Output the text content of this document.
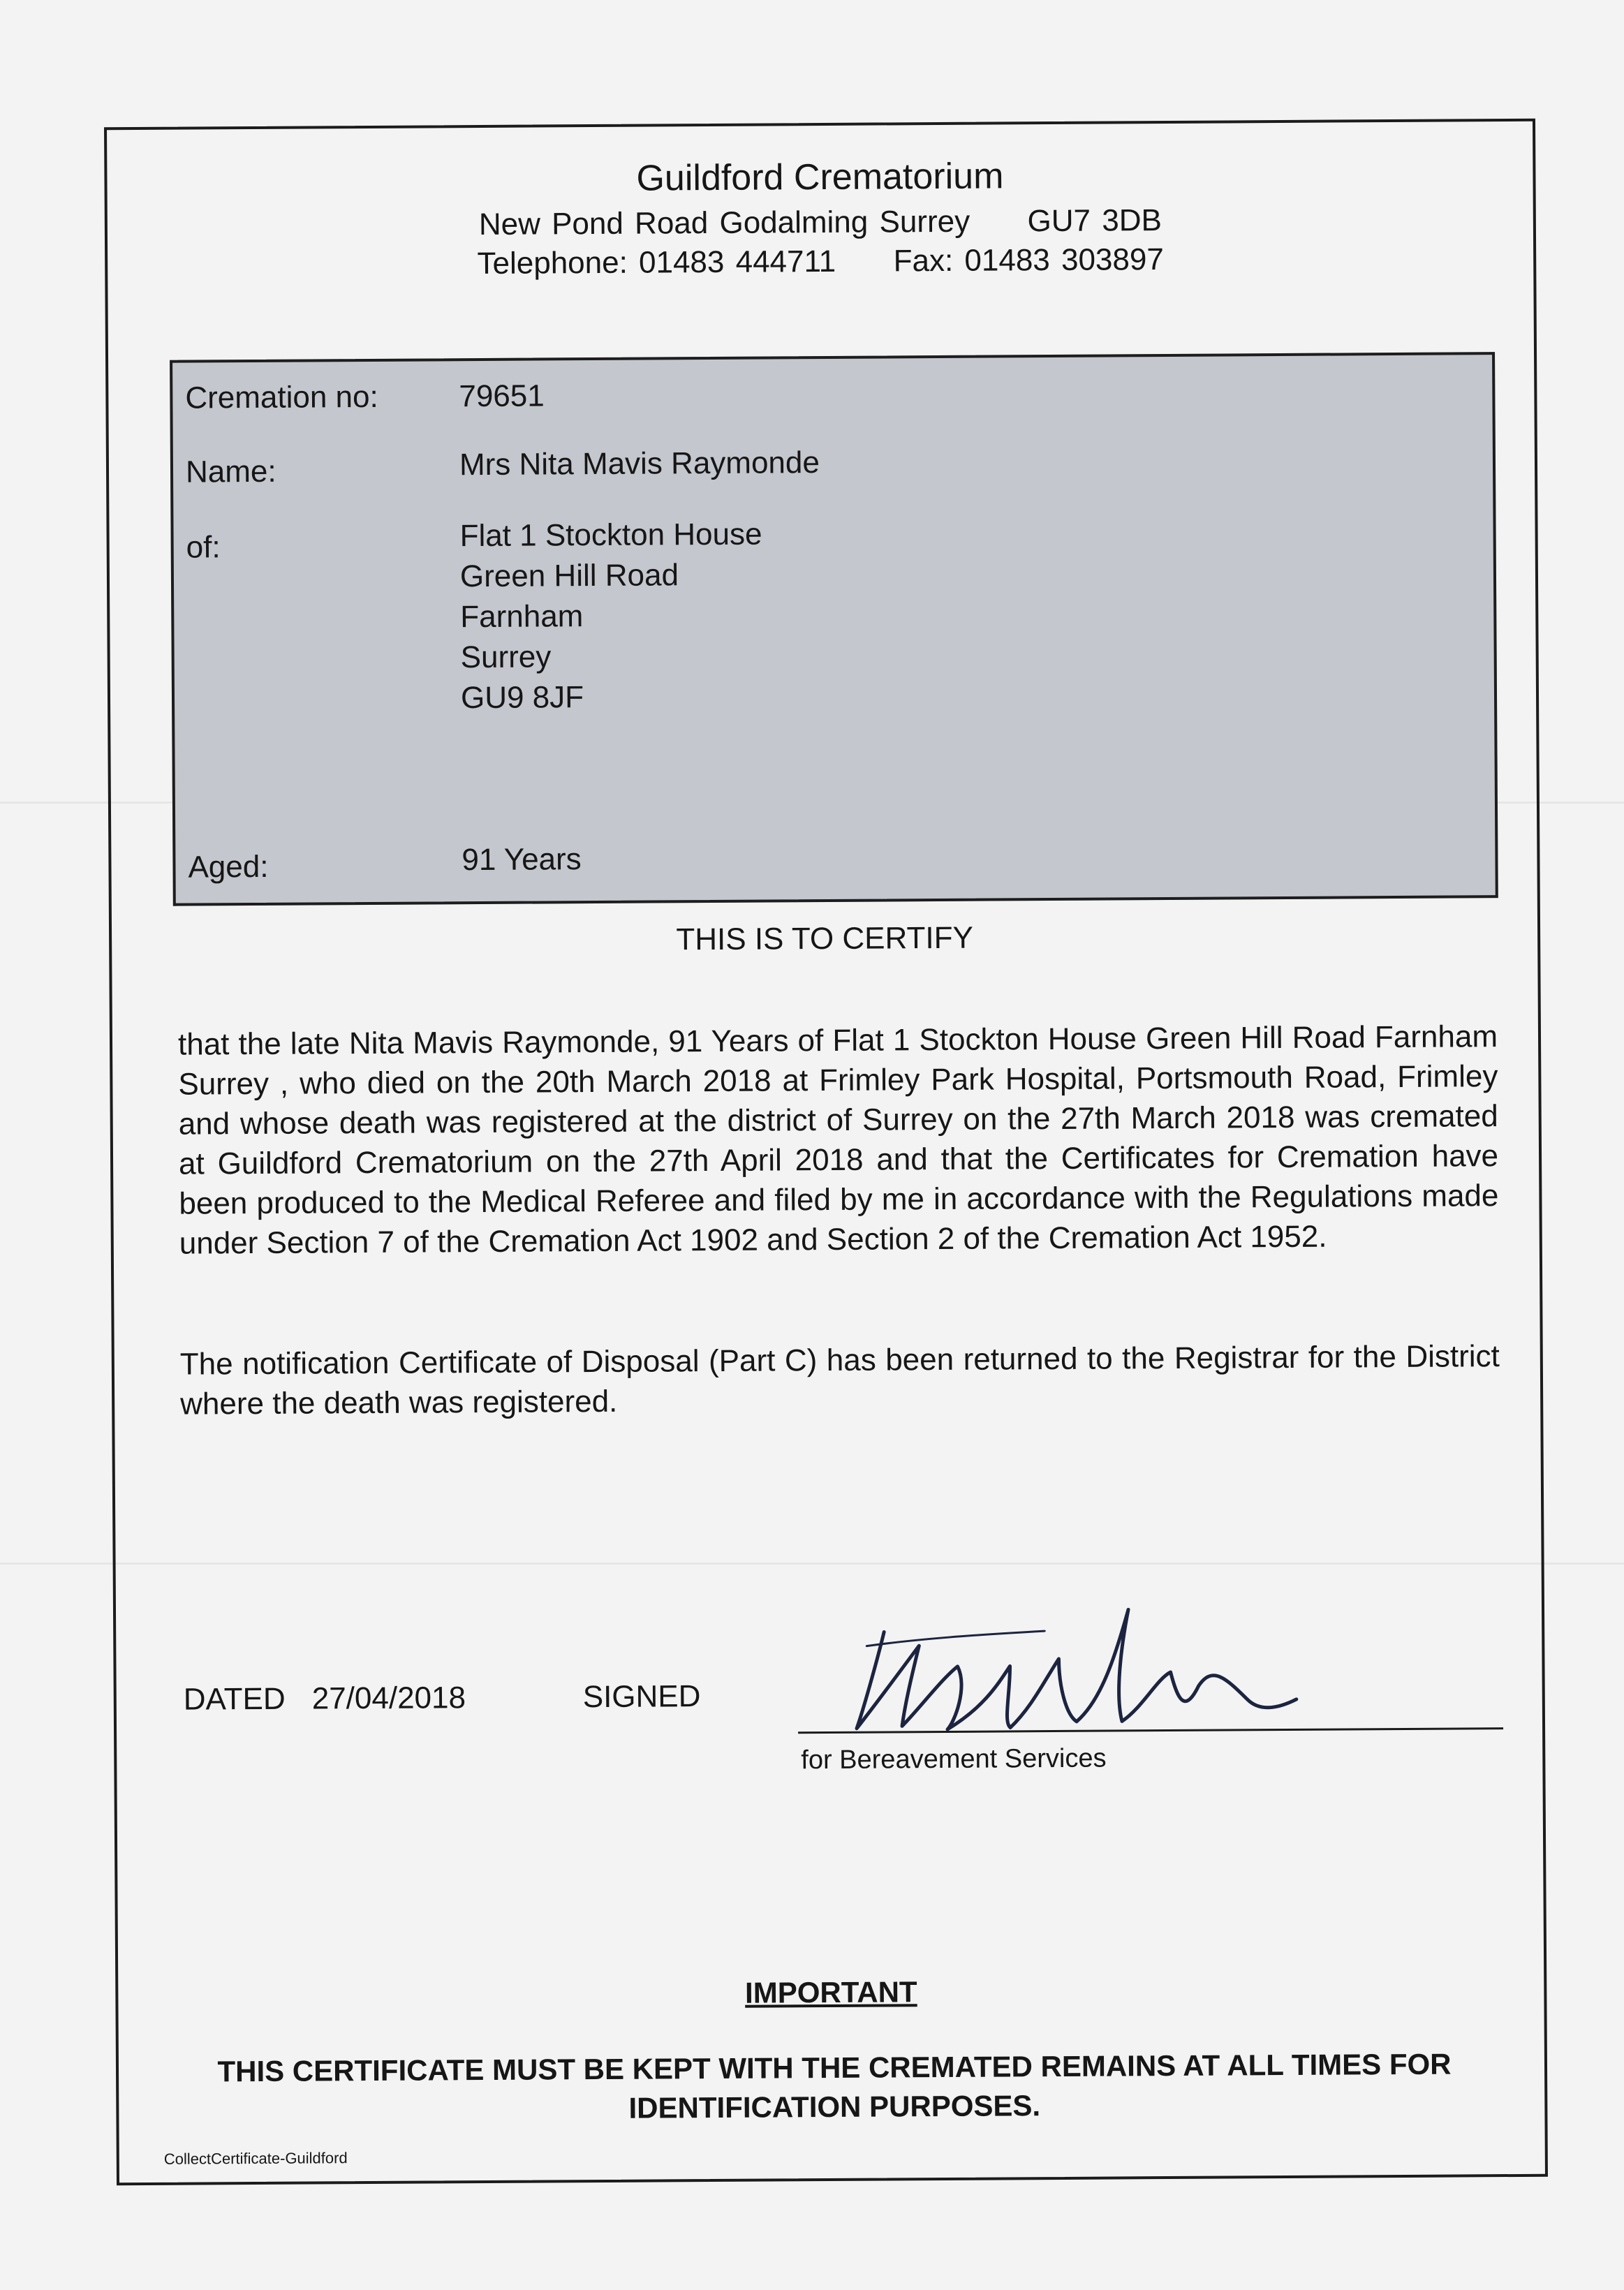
Guildford Crematorium
New Pond Road Godalming Surrey GU7 3DB
Telephone: 01483 444711 Fax: 01483 303897
Cremation no:	79651
Name:	Mrs Nita Mavis Raymonde
of:	Flat 1 Stockton House
Green Hill Road
Farnham
Surrey
GU9 8JF
Aged:	91 Years
THIS IS TO CERTIFY
that the late Nita Mavis Raymonde, 91 Years of Flat 1 Stockton House Green Hill Road Farnham Surrey , who died on the 20th March 2018 at Frimley Park Hospital, Portsmouth Road, Frimley and whose death was registered at the district of Surrey on the 27th March 2018 was cremated at Guildford Crematorium on the 27th April 2018 and that the Certificates for Cremation have been produced to the Medical Referee and filed by me in accordance with the Regulations made under Section 7 of the Cremation Act 1902 and Section 2 of the Cremation Act 1952.
The notification Certificate of Disposal (Part C) has been returned to the Registrar for the District where the death was registered.
DATED 27/04/2018	SIGNED
for Bereavement Services
IMPORTANT
THIS CERTIFICATE MUST BE KEPT WITH THE CREMATED REMAINS AT ALL TIMES FOR
IDENTIFICATION PURPOSES.
CollectCertificate-Guildford
